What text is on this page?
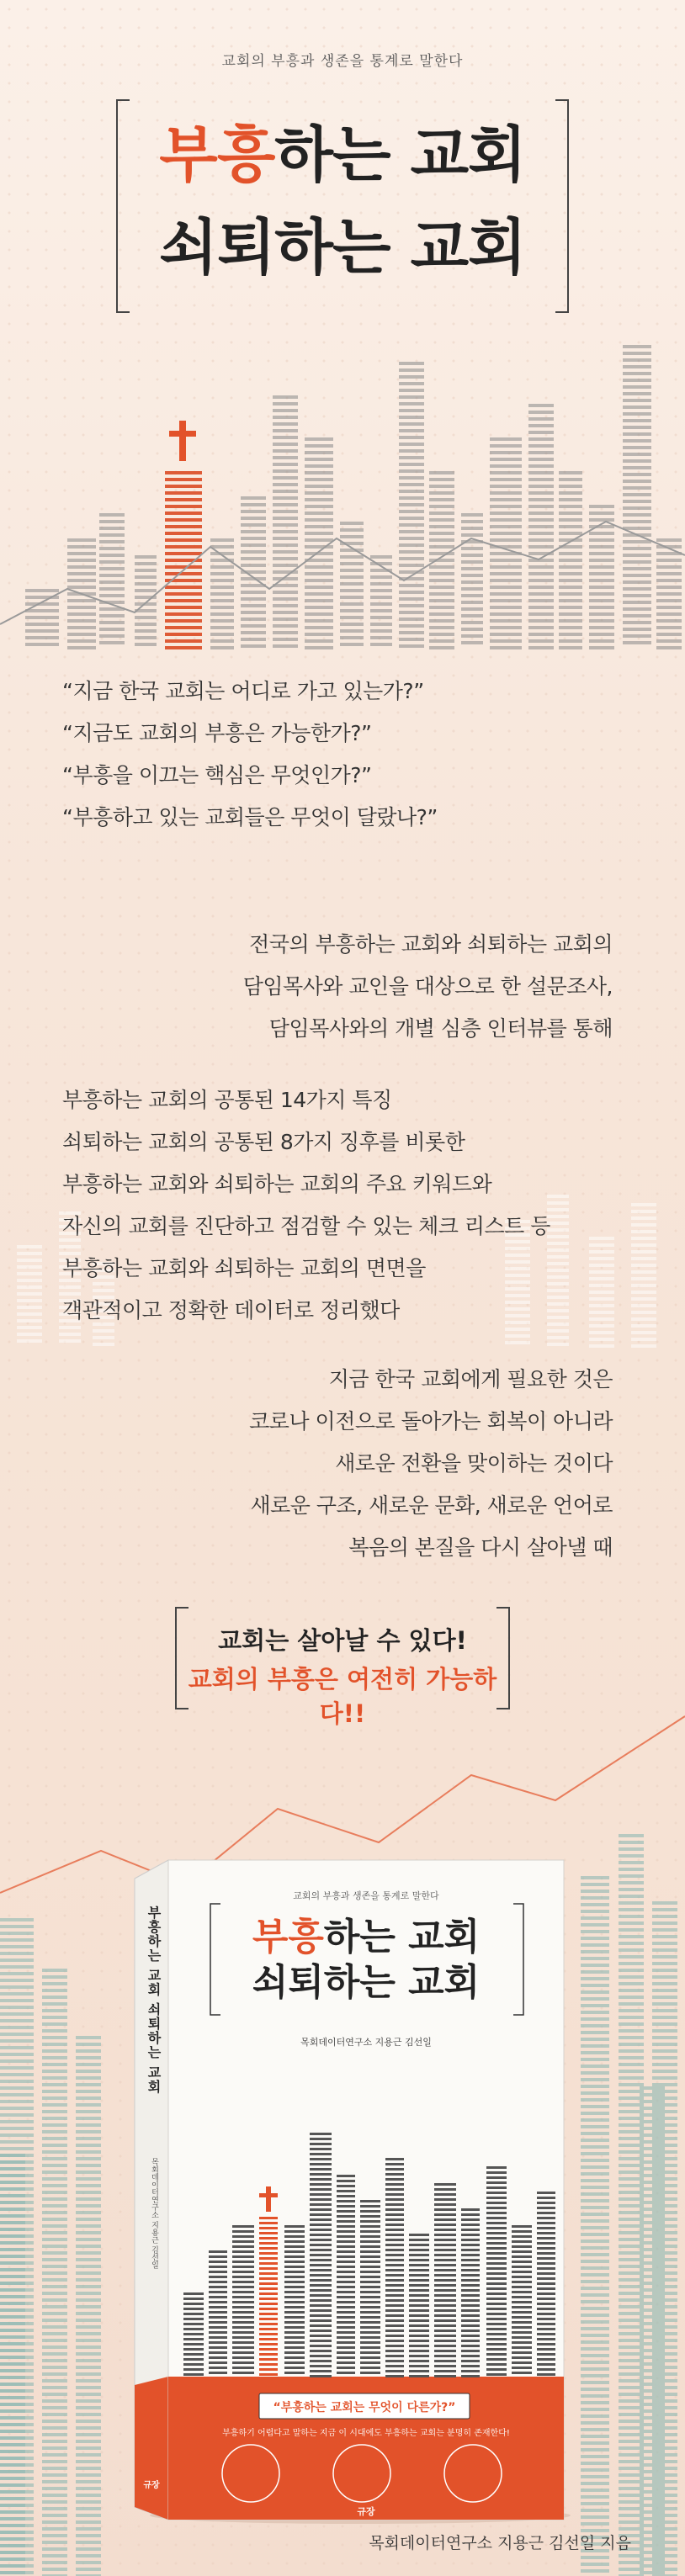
교회의 부흥과 생존을 통계로 말한다
부흥하는 교회
쇠퇴하는 교회
“지금 한국 교회는 어디로 가고 있는가?”
“지금도 교회의 부흥은 가능한가?”
“부흥을 이끄는 핵심은 무엇인가?”
“부흥하고 있는 교회들은 무엇이 달랐나?”
전국의 부흥하는 교회와 쇠퇴하는 교회의
담임목사와 교인을 대상으로 한 설문조사,
담임목사와의 개별 심층 인터뷰를 통해
부흥하는 교회의 공통된 14가지 특징
쇠퇴하는 교회의 공통된 8가지 징후를 비롯한
부흥하는 교회와 쇠퇴하는 교회의 주요 키워드와
자신의 교회를 진단하고 점검할 수 있는 체크 리스트 등
부흥하는 교회와 쇠퇴하는 교회의 면면을
객관적이고 정확한 데이터로 정리했다
지금 한국 교회에게 필요한 것은
코로나 이전으로 돌아가는 회복이 아니라
새로운 전환을 맞이하는 것이다
새로운 구조, 새로운 문화, 새로운 언어로
복음의 본질을 다시 살아낼 때
교회는 살아날 수 있다!
교회의 부흥은 여전히 가능하다!!
교회의 부흥과 생존을 통계로 말한다
부흥하는 교회
쇠퇴하는 교회
목회데이터연구소 지용근 김선일
부흥하는 교회 쇠퇴하는 교회
목회데이터연구소 지용근 김선일
규장
“부흥하는 교회는 무엇이 다른가?”
부흥하기 어렵다고 말하는 지금 이 시대에도 부흥하는 교회는 분명히 존재한다!
규장
목회데이터연구소 지용근 김선일 지음
